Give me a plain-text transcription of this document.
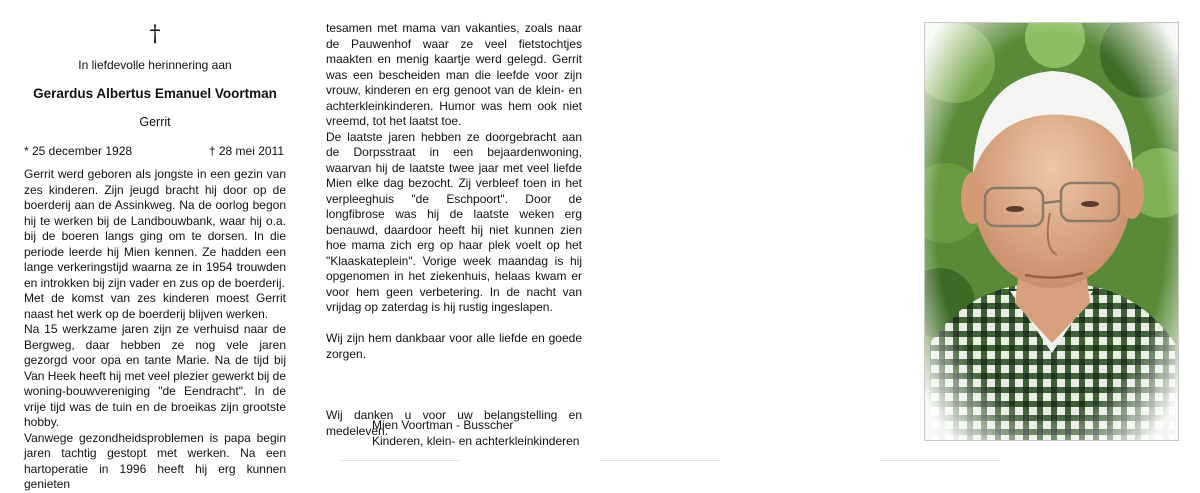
†
In liefdevolle herinnering aan
Gerardus Albertus Emanuel Voortman
Gerrit
* 25 december 1928	† 28 mei 2011

Gerrit werd geboren als jongste in een gezin van zes kinderen. Zijn jeugd bracht hij door op de boerderij aan de Assinkweg. Na de oorlog begon hij te werken bij de Landbouwbank, waar hij o.a. bij de boeren langs ging om te dorsen. In die periode leerde hij Mien kennen. Ze hadden een lange verkeringstijd waarna ze in 1954 trouwden en introkken bij zijn vader en zus op de boerderij.

Met de komst van zes kinderen moest Gerrit naast het werk op de boerderij blijven werken.

Na 15 werkzame jaren zijn ze verhuisd naar de Bergweg, daar hebben ze nog vele jaren gezorgd voor opa en tante Marie. Na de tijd bij Van Heek heeft hij met veel plezier gewerkt bij de woning-bouwvereniging "de Eendracht". In de vrije tijd was de tuin en de broeikas zijn grootste hobby.

Vanwege gezondheidsproblemen is papa begin jaren tachtig gestopt met werken. Na een hartoperatie in 1996 heeft hij erg kunnen genieten

tesamen met mama van vakanties, zoals naar de Pauwenhof waar ze veel fietstochtjes maakten en menig kaartje werd gelegd. Gerrit was een bescheiden man die leefde voor zijn vrouw, kinderen en erg genoot van de klein- en achterkleinkinderen. Humor was hem ook niet vreemd, tot het laatst toe.

De laatste jaren hebben ze doorgebracht aan de Dorpsstraat in een bejaardenwoning, waarvan hij de laatste twee jaar met veel liefde Mien elke dag bezocht. Zij verbleef toen in het verpleeghuis "de Eschpoort". Door de longfibrose was hij de laatste weken erg benauwd, daardoor heeft hij niet kunnen zien hoe mama zich erg op haar plek voelt op het "Klaaskateplein". Vorige week maandag is hij opgenomen in het ziekenhuis, helaas kwam er voor hem geen verbetering. In de nacht van vrijdag op zaterdag is hij rustig ingeslapen.

Wij zijn hem dankbaar voor alle liefde en goede zorgen.

Wij danken u voor uw belangstelling en medeleven.

Mien Voortman - Busscher
Kinderen, klein- en achterkleinkinderen
